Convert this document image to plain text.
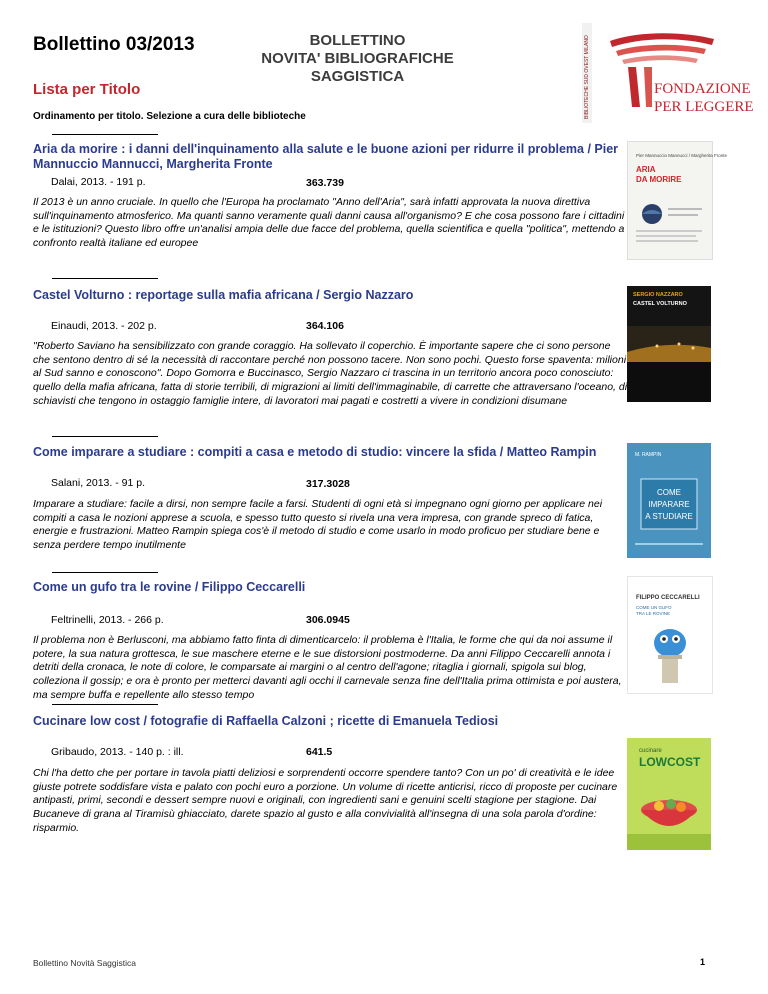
Bollettino 03/2013
Lista per Titolo
BOLLETTINO
NOVITA' BIBLIOGRAFICHE
SAGGISTICA
Ordinamento per titolo. Selezione a cura delle biblioteche	BIBLIOTECHE SUD OVEST MILANO	FONDAZIONE
PER LEGGERE
Aria da morire : i danni dell'inquinamento alla salute e le buone azioni per ridurre il problema / Pier Mannuccio Mannucci, Margherita Fronte
Dalai, 2013. - 191 p.	363.739
Il 2013 è un anno cruciale. In quello che l'Europa ha proclamato "Anno dell'Aria", sarà infatti approvata la nuova direttiva sull'inquinamento atmosferico. Ma quanti sanno veramente quali danni causa all'organismo? E che cosa possono fare i cittadini e le istituzioni? Questo libro offre un'analisi ampia delle due facce del problema, quella scientifica e quella "politica", mettendo a confronto realtà italiane ed europee
Pier Mannuccio Mannucci / Margherita Fronte
ARIA
DA MORIRE
Castel Volturno : reportage sulla mafia africana / Sergio Nazzaro
Einaudi, 2013. - 202 p.	364.106
"Roberto Saviano ha sensibilizzato con grande coraggio. Ha sollevato il coperchio. È importante sapere che ci sono persone che sentono dentro di sé la necessità di raccontare perché non possono tacere. Non sono pochi. Questo forse spaventa: milioni al Sud sanno e conoscono". Dopo Gomorra e Buccinasco, Sergio Nazzaro ci trascina in un territorio ancora poco conosciuto: quello della mafia africana, fatta di storie terribili, di migrazioni ai limiti dell'immaginabile, di carrette che attraversano l'oceano, di schiavisti che tengono in ostaggio famiglie intere, di lavoratori mai pagati e costretti a vivere in condizioni disumane
SERGIO NAZZARO
CASTEL VOLTURNO
Come imparare a studiare : compiti a casa e metodo di studio: vincere la sfida / Matteo Rampin
Salani, 2013. - 91 p.	317.3028
Imparare a studiare: facile a dirsi, non sempre facile a farsi. Studenti di ogni età si impegnano ogni giorno per applicare nei compiti a casa le nozioni apprese a scuola, e spesso tutto questo si rivela una vera impresa, con grande spreco di fatica, energie e frustrazioni. Matteo Rampin spiega cos'è il metodo di studio e come usarlo in modo proficuo per studiare bene e senza perdere tempo inutilmente
M. RAMPIN
COME
IMPARARE
A STUDIARE
Come un gufo tra le rovine / Filippo Ceccarelli
Feltrinelli, 2013. - 266 p.	306.0945
Il problema non è Berlusconi, ma abbiamo fatto finta di dimenticarcelo: il problema è l'Italia, le forme che qui da noi assume il potere, la sua natura grottesca, le sue maschere eterne e le sue distorsioni postmoderne. Da anni Filippo Ceccarelli annota i detriti della cronaca, le note di colore, le comparsate ai margini o al centro dell'agone; ritaglia i giornali, spigola sui blog, colleziona il gossip; e ora è pronto per metterci davanti agli occhi il carnevale senza fine dell'Italia prima ottimista e poi austera, ma sempre buffa e repellente allo stesso tempo
FILIPPO CECCARELLI
COME UN GUFO
TRA LE ROVINE
Cucinare low cost / fotografie di Raffaella Calzoni ; ricette di Emanuela Tediosi
Gribaudo, 2013. - 140 p. : ill.	641.5
Chi l'ha detto che per portare in tavola piatti deliziosi e sorprendenti occorre spendere tanto? Con un po' di creatività e le idee giuste potrete soddisfare vista e palato con pochi euro a porzione. Un volume di ricette anticrisi, ricco di proposte per cucinare antipasti, primi, secondi e dessert sempre nuovi e originali, con ingredienti sani e genuini scelti stagione per stagione. Dai Bucaneve di grana al Tiramisù ghiacciato, darete spazio al gusto e alla convivialità all'insegna di una sola parola d'ordine: risparmio.
cucinare
LOWCOST
Bollettino Novità Saggistica	1
